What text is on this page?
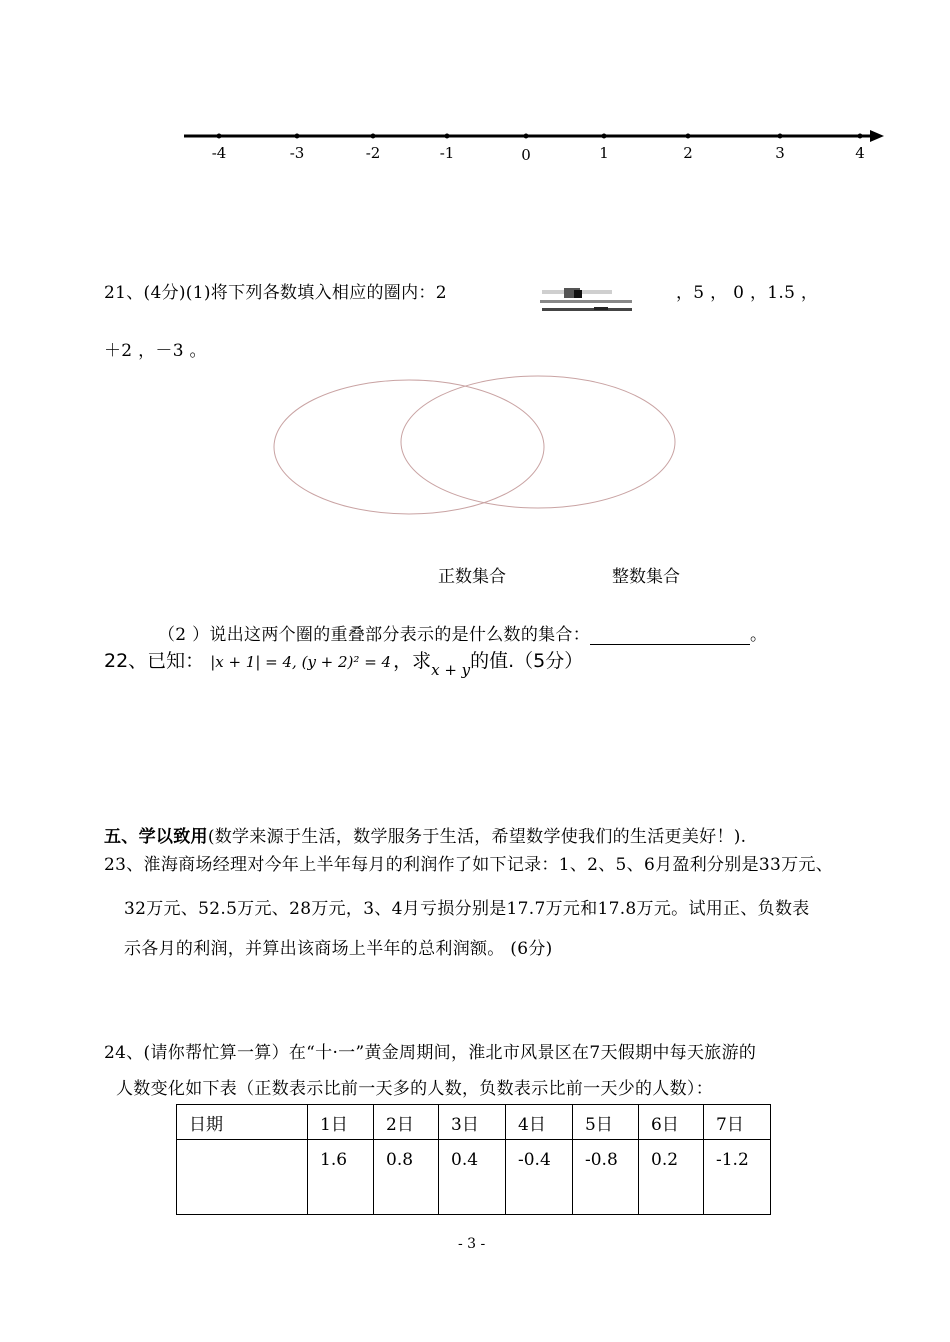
-4	-3	-2	-1	0	1	2	3	4
21、(4分)(1)将下列各数填入相应的圈内：2	，5 ， 0 ，1.5 ，
＋2 ，－3 。
正数集合	整数集合
（2 ）说出这两个圈的重叠部分表示的是什么数的集合：	。
22、已知： |x + 1| = 4, (y + 2)² = 4 ，求$_{x + y}$的值.（5分）
五、学以致用(数学来源于生活，数学服务于生活，希望数学使我们的生活更美好！).
23、淮海商场经理对今年上半年每月的利润作了如下记录：1、2、5、6月盈利分别是33万元、
32万元、52.5万元、28万元，3、4月亏损分别是17.7万元和17.8万元。试用正、负数表
示各月的利润，并算出该商场上半年的总利润额。 (6分)
24、(请你帮忙算一算）在“十·一”黄金周期间，淮北市风景区在7天假期中每天旅游的
人数变化如下表（正数表示比前一天多的人数，负数表示比前一天少的人数）：
日期	1日	2日	3日	4日	5日	6日	7日
	1.6	0.8	0.4	-0.4	-0.8	0.2	-1.2
- 3 -
